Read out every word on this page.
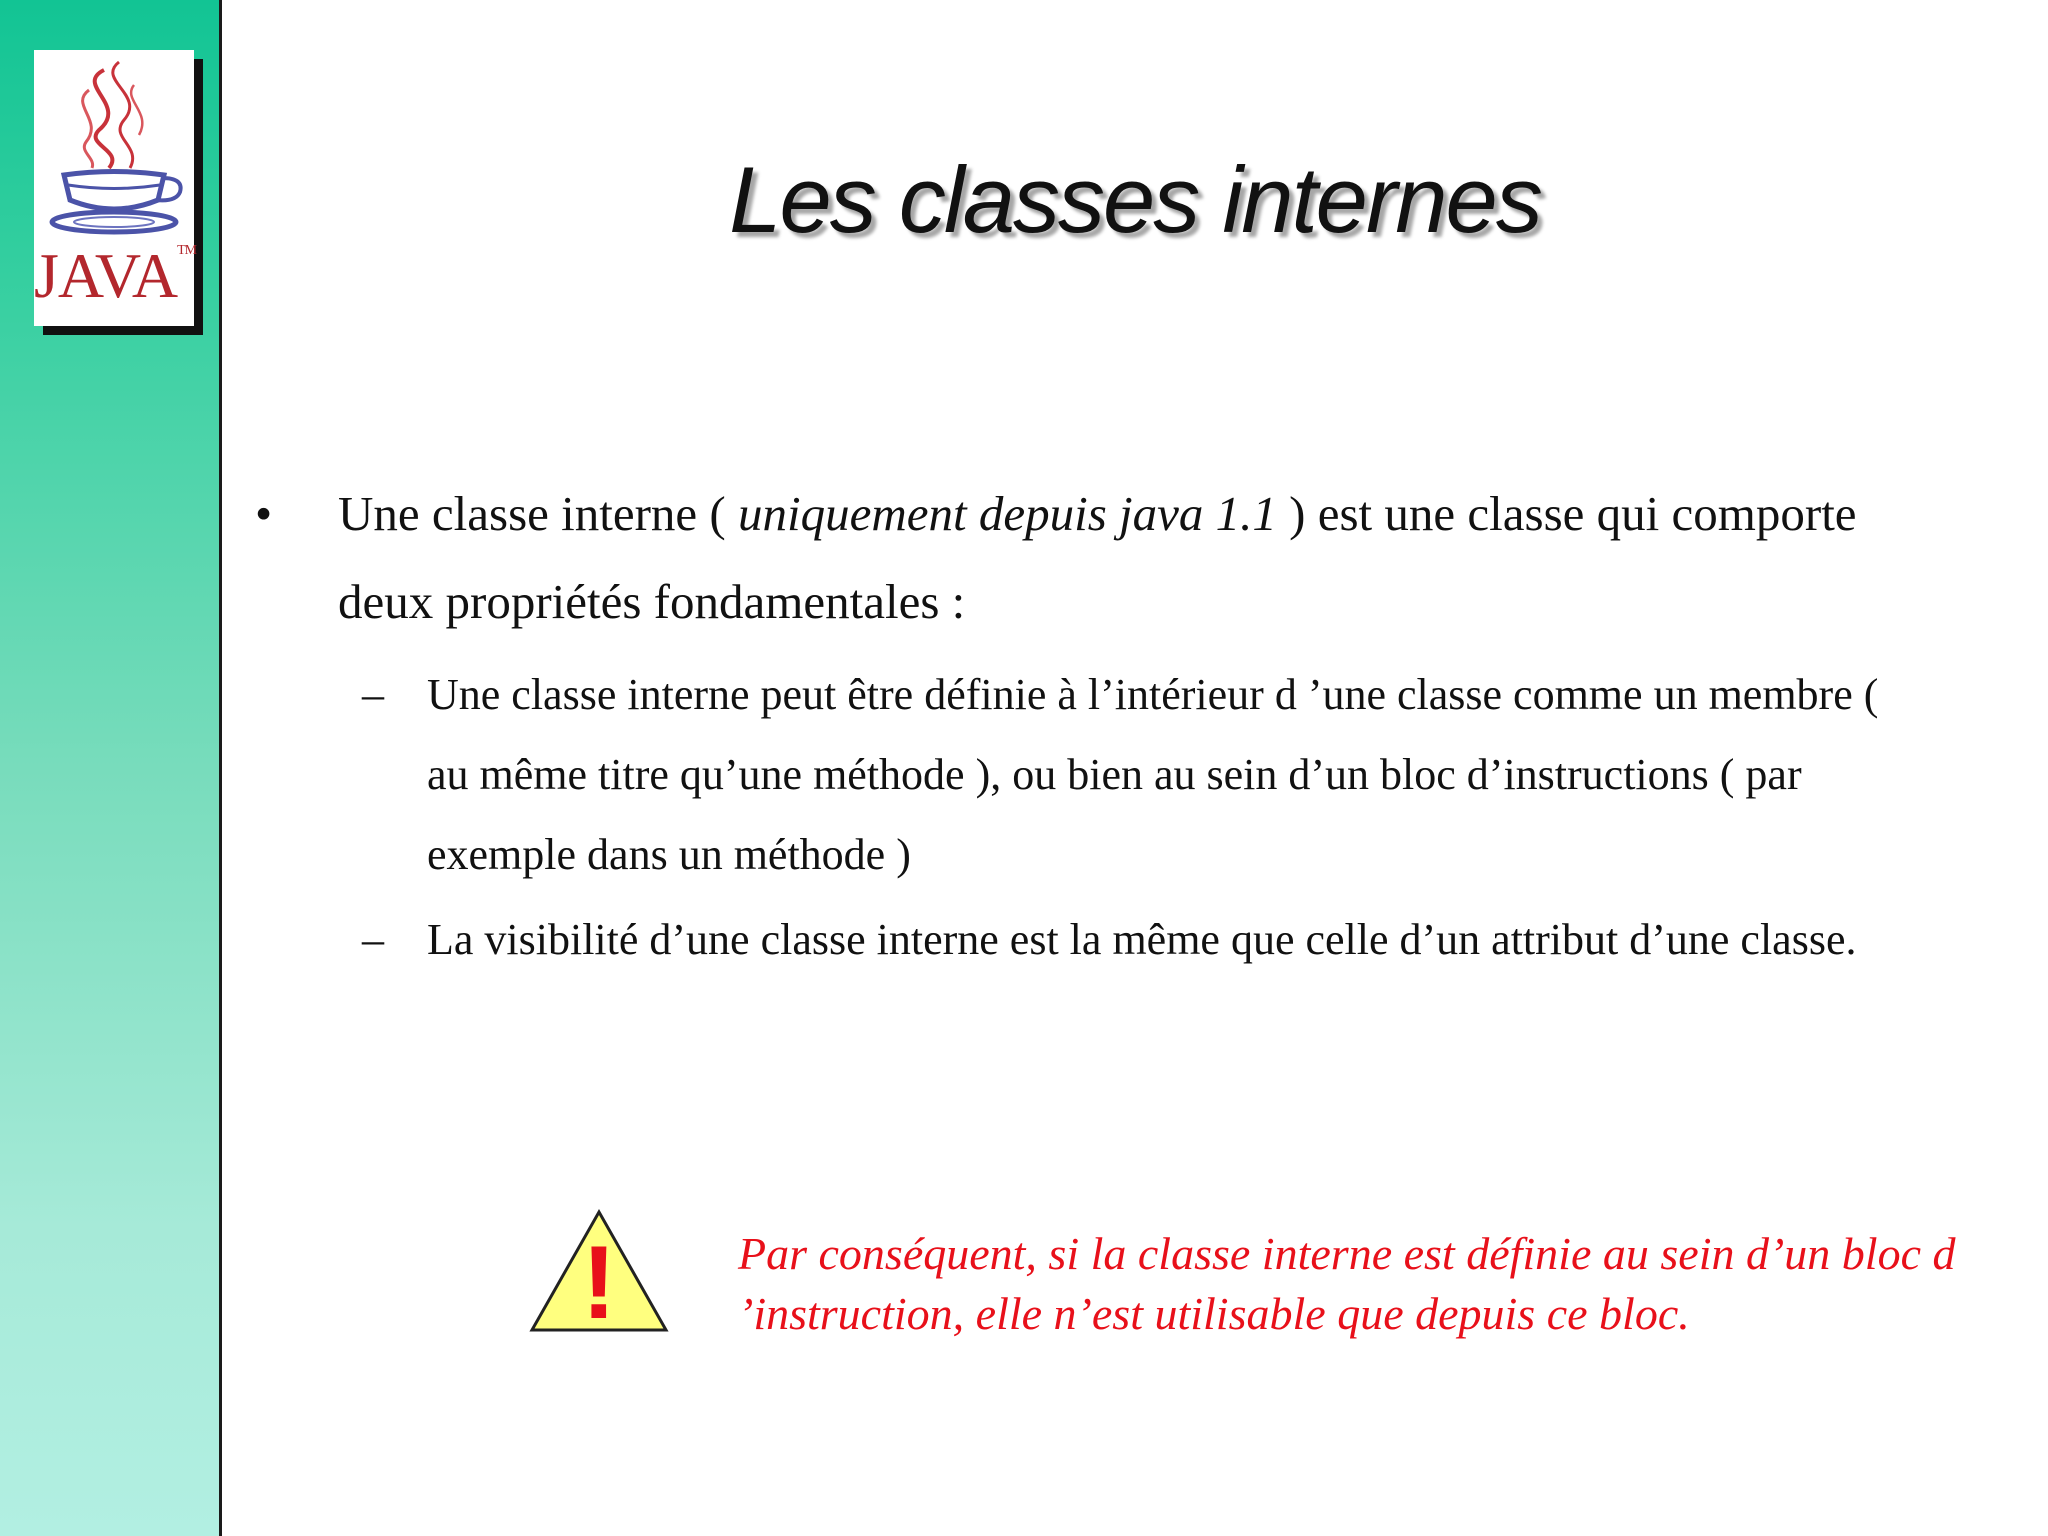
JAVA™	Les classes internes
•	Une classe interne ( uniquement depuis java 1.1 ) est une classe qui comporte deux propriétés fondamentales :
– Une classe interne peut être définie à l’intérieur d ’une classe comme un membre ( au même titre qu’une méthode ), ou bien au sein d’un bloc d’instructions ( par exemple dans un méthode )
– La visibilité d’une classe interne est la même que celle d’un attribut d’une classe.
!	Par conséquent, si la classe interne est définie au sein d’un bloc d ’instruction, elle n’est utilisable que depuis ce bloc.
